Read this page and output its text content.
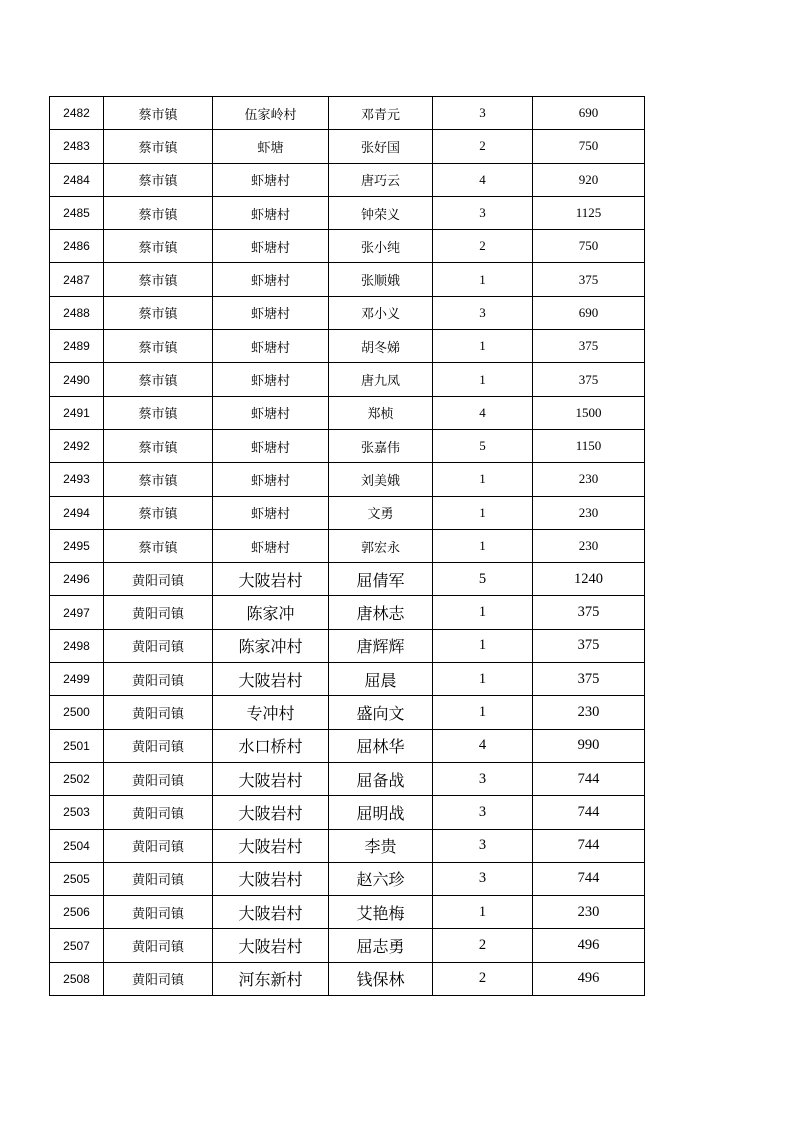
2482	蔡市镇	伍家岭村	邓青元	3	690
2483	蔡市镇	虾塘	张好国	2	750
2484	蔡市镇	虾塘村	唐巧云	4	920
2485	蔡市镇	虾塘村	钟荣义	3	1125
2486	蔡市镇	虾塘村	张小纯	2	750
2487	蔡市镇	虾塘村	张顺娥	1	375
2488	蔡市镇	虾塘村	邓小义	3	690
2489	蔡市镇	虾塘村	胡冬娣	1	375
2490	蔡市镇	虾塘村	唐九凤	1	375
2491	蔡市镇	虾塘村	郑桢	4	1500
2492	蔡市镇	虾塘村	张嘉伟	5	1150
2493	蔡市镇	虾塘村	刘美娥	1	230
2494	蔡市镇	虾塘村	文勇	1	230
2495	蔡市镇	虾塘村	郭宏永	1	230
2496	黄阳司镇	大陂岩村	屈倩军	5	1240
2497	黄阳司镇	陈家冲	唐林志	1	375
2498	黄阳司镇	陈家冲村	唐辉辉	1	375
2499	黄阳司镇	大陂岩村	屈晨	1	375
2500	黄阳司镇	专冲村	盛向文	1	230
2501	黄阳司镇	水口桥村	屈林华	4	990
2502	黄阳司镇	大陂岩村	屈备战	3	744
2503	黄阳司镇	大陂岩村	屈明战	3	744
2504	黄阳司镇	大陂岩村	李贵	3	744
2505	黄阳司镇	大陂岩村	赵六珍	3	744
2506	黄阳司镇	大陂岩村	艾艳梅	1	230
2507	黄阳司镇	大陂岩村	屈志勇	2	496
2508	黄阳司镇	河东新村	钱保林	2	496
